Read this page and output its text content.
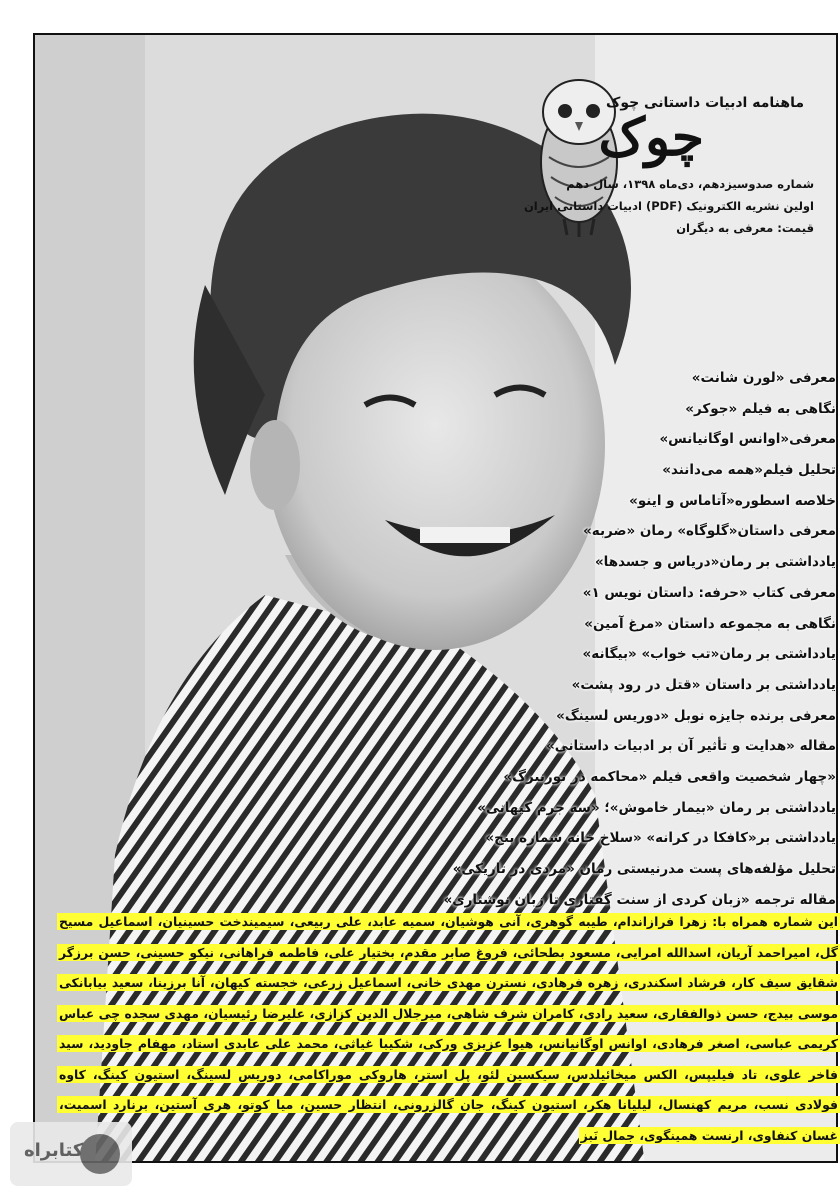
ماهنامه ادبیات داستانی چوک
چوک
شماره صدوسیزدهم، دی‌ماه ۱۳۹۸، سال دهم
اولین نشریه الکترونیک (PDF) ادبیات داستانی ایران
قیمت: معرفی به دیگران
معرفی «لورن شانت»
نگاهی به فیلم «جوکر»
معرفی«اوانس اوگانیانس»
تحلیل فیلم«همه می‌دانند»
خلاصه اسطوره«آتاماس و اینو»
معرفی داستان«گلوگاه» رمان «ضربه»
یادداشتی بر رمان«دریاس و جسدها»
معرفی کتاب «حرفه: داستان نویس ۱»
نگاهی به مجموعه داستان «مرغ آمین»
یادداشتی بر رمان«تب خواب» «بیگانه»
یادداشتی بر داستان «قتل در رود پشت»
معرفی برنده جایزه نوبل «دوریس لسینگ»
مقاله «هدایت و تأثیر آن بر ادبیات داستانی»
«چهار شخصیت واقعی فیلم «محاکمه در نورنبرگ»
یادداشتی بر رمان «بیمار خاموش»؛ «سه جرم کیهانی»
یادداشتی بر«کافکا در کرانه» «سلاخ خانه شماره پنج»
تحلیل مؤلفه‌های پست مدرنیستی رمان «مردی در تاریکی»
مقاله ترجمه «زبان کردی از سنت گفتاری تا زبان نوشتاری»
این شماره همراه با: زهرا فرازاندام، طیبه گوهری، آنی هوشیان، سمیه عابد، علی ربیعی، سیمیندخت حسینیان، اسماعیل مسیح گل، امیراحمد آریان، اسدالله امرایی، مسعود بطحائی، فروغ صابر مقدم، بختیار علی، فاطمه فراهانی، نیکو حسینی، حسن برزگر شقایق سیف کار، فرشاد اسکندری، زهره فرهادی، نسترن مهدی خانی، اسماعیل زرعی، خجسته کیهان، آنا برزینا، سعید بیابانکی موسی بیدج، حسن ذوالفقاری، سعید رادی، کامران شرف شاهی، میرجلال الدین کزازی، علیرضا رئیسیان، مهدی سجده چی عباس کریمی عباسی، اصغر فرهادی، اوانس اوگانیانس، هیوا عزیزی ورکی، شکیبا غیاثی، محمد علی عابدی استاد، مهفام جاودید، سید فاخر علوی، تاد فیلیپس، الکس میخائیلدس، سیکسین لئو، پل استر، هاروکی موراکامی، دوریس لسینگ، استیون کینگ، کاوه فولادی نسب، مریم کهنسال، لیلیانا هکر، استیون کینگ، جان گالزرونی، انتظار حسین، میا کوتو، هری آستین، برنارد اسمیت، غسان کنفاوی، ارنست همینگوی، جمال نَبز
کتابراه
